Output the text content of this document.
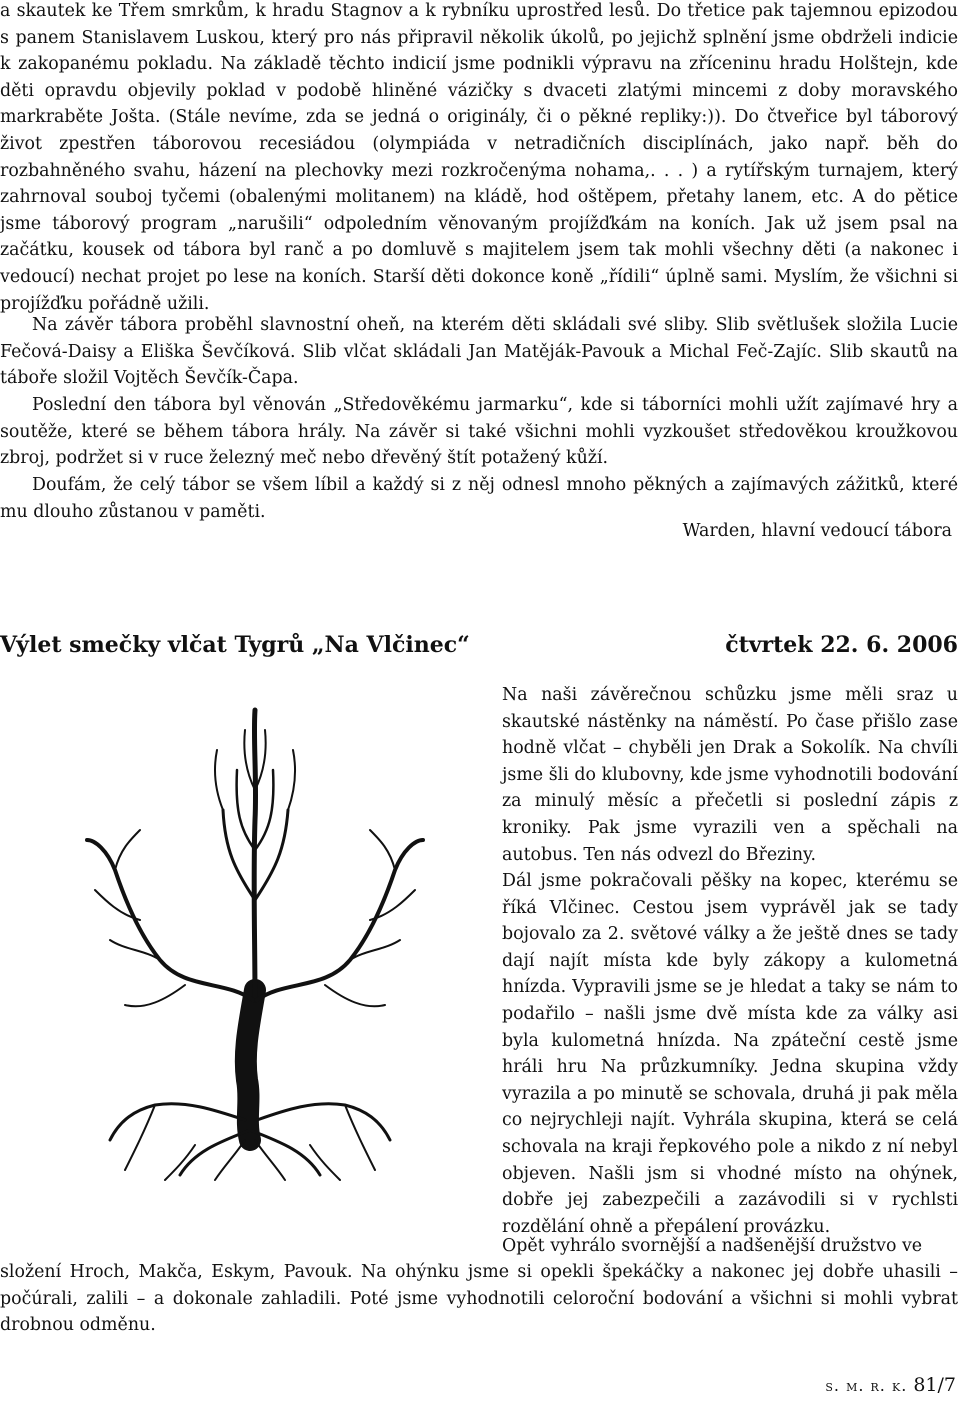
a skautek ke Třem smrkům, k hradu Stagnov a k rybníku uprostřed lesů. Do třetice pak tajemnou epizodou s panem Stanislavem Luskou, který pro nás připravil několik úkolů, po jejichž splnění jsme obdrželi indicie k zakopanému pokladu. Na základě těchto indicií jsme podnikli výpravu na zříceninu hradu Holštejn, kde děti opravdu objevily poklad v podobě hliněné vázičky s dvaceti zlatými mincemi z doby moravského markraběte Jošta. (Stále nevíme, zda se jedná o originály, či o pěkné repliky:)). Do čtveřice byl táborový život zpestřen táborovou recesiádou (olympiáda v netradičních disciplínách, jako např. běh do rozbahněného svahu, házení na plechovky mezi rozkročenýma nohama,. . . ) a rytířským turnajem, který zahrnoval souboj tyčemi (obalenými molitanem) na kládě, hod oštěpem, přetahy lanem, etc. A do pětice jsme táborový program „narušili“ odpoledním věnovaným projížďkám na koních. Jak už jsem psal na začátku, kousek od tábora byl ranč a po domluvě s majitelem jsem tak mohli všechny děti (a nakonec i vedoucí) nechat projet po lese na koních. Starší děti dokonce koně „řídili“ úplně sami. Myslím, že všichni si projížďku pořádně užili.

Na závěr tábora proběhl slavnostní oheň, na kterém děti skládali své sliby. Slib světlušek složila Lucie Fečová-Daisy a Eliška Ševčíková. Slib vlčat skládali Jan Matěják-Pavouk a Michal Feč-Zajíc. Slib skautů na táboře složil Vojtěch Ševčík-Čapa.

Poslední den tábora byl věnován „Středověkému jarmarku“, kde si táborníci mohli užít zajímavé hry a soutěže, které se během tábora hrály. Na závěr si také všichni mohli vyzkoušet středověkou kroužkovou zbroj, podržet si v ruce železný meč nebo dřevěný štít potažený kůží.

Doufám, že celý tábor se všem líbil a každý si z něj odnesl mnoho pěkných a zajímavých zážitků, které mu dlouho zůstanou v paměti.

Warden, hlavní vedoucí tábora
Výlet smečky vlčat Tygrů „Na Vlčinec“	čtvrtek 22. 6. 2006

Na naši závěrečnou schůzku jsme měli sraz u skautské nástěnky na náměstí. Po čase přišlo zase hodně vlčat – chyběli jen Drak a Sokolík. Na chvíli jsme šli do klubovny, kde jsme vyhodnotili bodování za minulý měsíc a přečetli si poslední zápis z kroniky. Pak jsme vyrazili ven a spěchali na autobus. Ten nás odvezl do Březiny.

Dál jsme pokračovali pěšky na kopec, kterému se říká Vlčinec. Cestou jsem vyprávěl jak se tady bojovalo za 2. světové války a že ještě dnes se tady dají najít místa kde byly zákopy a kulometná hnízda. Vypravili jsme se je hledat a taky se nám to podařilo – našli jsme dvě místa kde za války asi byla kulometná hnízda. Na zpáteční cestě jsme hráli hru Na průzkumníky. Jedna skupina vždy vyrazila a po minutě se schovala, druhá ji pak měla co nejrychleji najít. Vyhrála skupina, která se celá schovala na kraji řepkového pole a nikdo z ní nebyl objeven. Našli jsm si vhodné místo na ohýnek, dobře jej zabezpečili a zazávodili si v rychlsti rozdělání ohně a přepálení provázku.

Opět vyhrálo svornější a nadšenější družstvo ve

složení Hroch, Makča, Eskym, Pavouk. Na ohýnku jsme si opekli špekáčky a nakonec jej dobře uhasili – počúrali, zalili – a dokonale zahladili. Poté jsme vyhodnotili celoroční bodování a všichni si mohli vybrat drobnou odměnu.

s. m. r. k. 81/7
